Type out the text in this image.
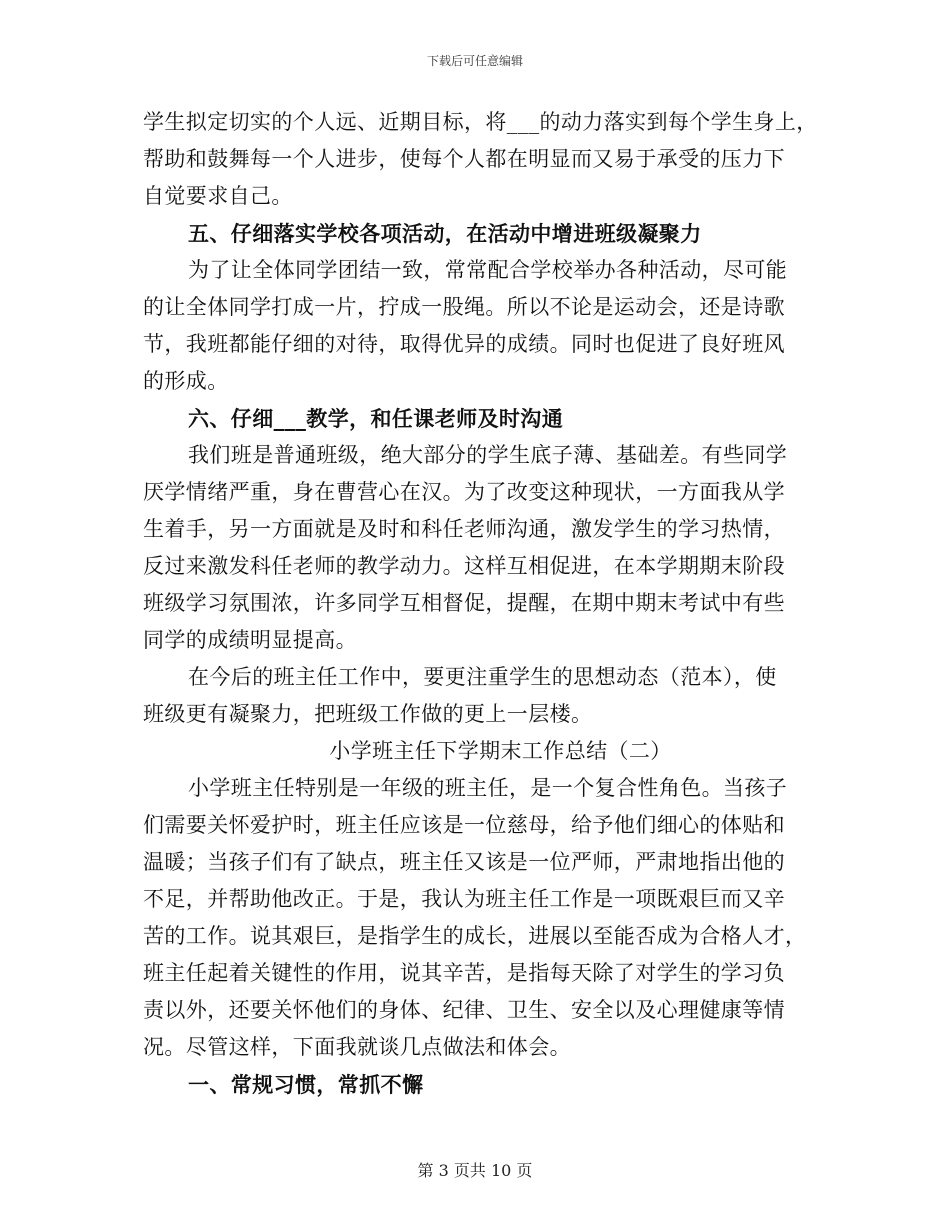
下载后可任意编辑
学生拟定切实的个人远、近期目标，将___的动力落实到每个学生身上，
帮助和鼓舞每一个人进步，使每个人都在明显而又易于承受的压力下
自觉要求自己。
五、仔细落实学校各项活动，在活动中增进班级凝聚力
为了让全体同学团结一致，常常配合学校举办各种活动，尽可能
的让全体同学打成一片，拧成一股绳。所以不论是运动会，还是诗歌
节，我班都能仔细的对待，取得优异的成绩。同时也促进了良好班风
的形成。
六、仔细___教学，和任课老师及时沟通
我们班是普通班级，绝大部分的学生底子薄、基础差。有些同学
厌学情绪严重，身在曹营心在汉。为了改变这种现状，一方面我从学
生着手，另一方面就是及时和科任老师沟通，激发学生的学习热情，
反过来激发科任老师的教学动力。这样互相促进，在本学期期末阶段
班级学习氛围浓，许多同学互相督促，提醒，在期中期末考试中有些
同学的成绩明显提高。
在今后的班主任工作中，要更注重学生的思想动态（范本），使
班级更有凝聚力，把班级工作做的更上一层楼。
小学班主任下学期末工作总结（二）
小学班主任特别是一年级的班主任，是一个复合性角色。当孩子
们需要关怀爱护时，班主任应该是一位慈母，给予他们细心的体贴和
温暖；当孩子们有了缺点，班主任又该是一位严师，严肃地指出他的
不足，并帮助他改正。于是，我认为班主任工作是一项既艰巨而又辛
苦的工作。说其艰巨，是指学生的成长，进展以至能否成为合格人才，
班主任起着关键性的作用，说其辛苦，是指每天除了对学生的学习负
责以外，还要关怀他们的身体、纪律、卫生、安全以及心理健康等情
况。尽管这样，下面我就谈几点做法和体会。
一、常规习惯，常抓不懈
第 3 页共 10 页
